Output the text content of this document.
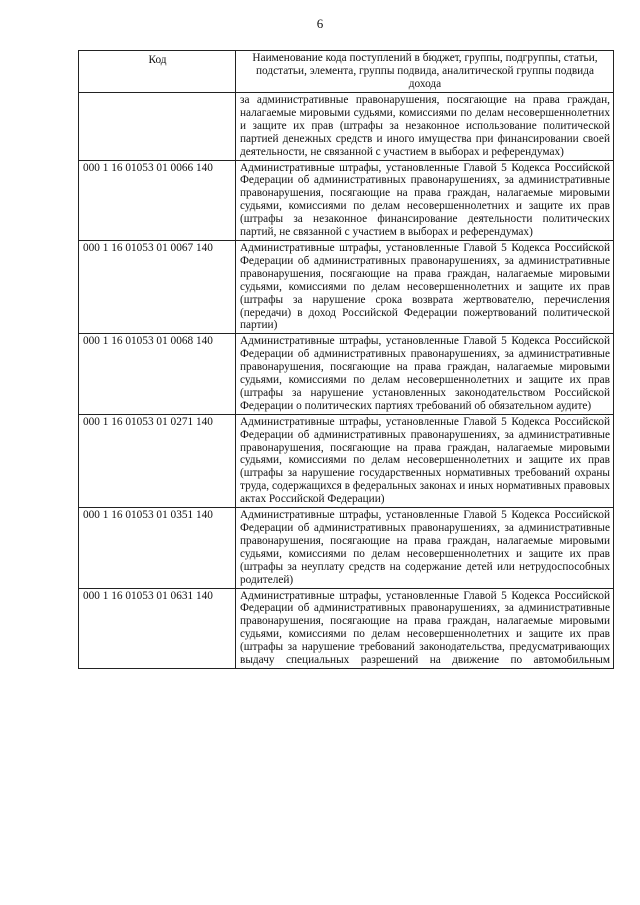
6
Код	Наименование кода поступлений в бюджет, группы, подгруппы, статьи, подстатьи, элемента, группы подвида, аналитической группы подвида дохода
	за административные правонарушения, посягающие на права граждан, налагаемые мировыми судьями, комиссиями по делам несовершеннолетних и защите их прав (штрафы за незаконное использование политической партией денежных средств и иного имущества при финансировании своей деятельности, не связанной с участием в выборах и референдумах)
000 1 16 01053 01 0066 140	Административные штрафы, установленные Главой 5 Кодекса Российской Федерации об административных правонарушениях, за административные правонарушения, посягающие на права граждан, налагаемые мировыми судьями, комиссиями по делам несовершеннолетних и защите их прав (штрафы за незаконное финансирование деятельности политических партий, не связанной с участием в выборах и референдумах)
000 1 16 01053 01 0067 140	Административные штрафы, установленные Главой 5 Кодекса Российской Федерации об административных правонарушениях, за административные правонарушения, посягающие на права граждан, налагаемые мировыми судьями, комиссиями по делам несовершеннолетних и защите их прав (штрафы за нарушение срока возврата жертвователю, перечисления (передачи) в доход Российской Федерации пожертвований политической партии)
000 1 16 01053 01 0068 140	Административные штрафы, установленные Главой 5 Кодекса Российской Федерации об административных правонарушениях, за административные правонарушения, посягающие на права граждан, налагаемые мировыми судьями, комиссиями по делам несовершеннолетних и защите их прав (штрафы за нарушение установленных законодательством Российской Федерации о политических партиях требований об обязательном аудите)
000 1 16 01053 01 0271 140	Административные штрафы, установленные Главой 5 Кодекса Российской Федерации об административных правонарушениях, за административные правонарушения, посягающие на права граждан, налагаемые мировыми судьями, комиссиями по делам несовершеннолетних и защите их прав (штрафы за нарушение государственных нормативных требований охраны труда, содержащихся в федеральных законах и иных нормативных правовых актах Российской Федерации)
000 1 16 01053 01 0351 140	Административные штрафы, установленные Главой 5 Кодекса Российской Федерации об административных правонарушениях, за административные правонарушения, посягающие на права граждан, налагаемые мировыми судьями, комиссиями по делам несовершеннолетних и защите их прав (штрафы за неуплату средств на содержание детей или нетрудоспособных родителей)
000 1 16 01053 01 0631 140	Административные штрафы, установленные Главой 5 Кодекса Российской Федерации об административных правонарушениях, за административные правонарушения, посягающие на права граждан, налагаемые мировыми судьями, комиссиями по делам несовершеннолетних и защите их прав (штрафы за нарушение требований законодательства, предусматривающих выдачу специальных разрешений на движение по автомобильным
